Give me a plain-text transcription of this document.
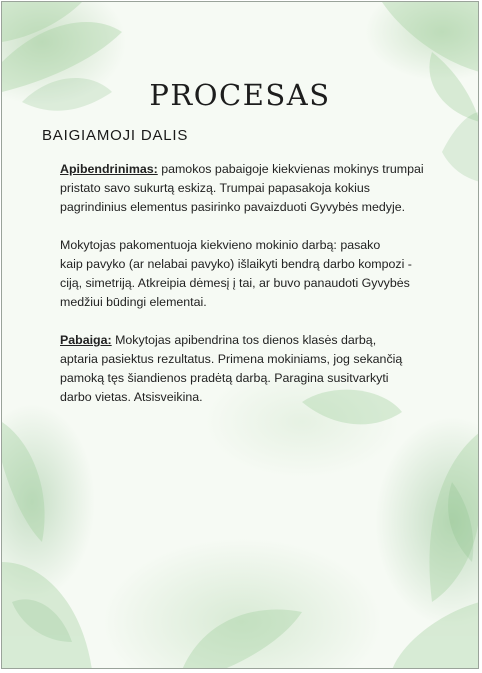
PROCESAS
BAIGIAMOJI DALIS

Apibendrinimas: pamokos pabaigoje kiekvienas mokinys trumpai
pristato savo sukurtą eskizą. Trumpai papasakoja kokius
pagrindinius elementus pasirinko pavaizduoti Gyvybės medyje.

Mokytojas pakomentuoja kiekvieno mokinio darbą: pasako
kaip pavyko (ar nelabai pavyko) išlaikyti bendrą darbo kompozi -
ciją, simetriją. Atkreipia dėmesį į tai, ar buvo panaudoti Gyvybės
medžiui būdingi elementai.

Pabaiga: Mokytojas apibendrina tos dienos klasės darbą,
aptaria pasiektus rezultatus. Primena mokiniams, jog sekančią
pamoką tęs šiandienos pradėtą darbą. Paragina susitvarkyti
darbo vietas. Atsisveikina.
